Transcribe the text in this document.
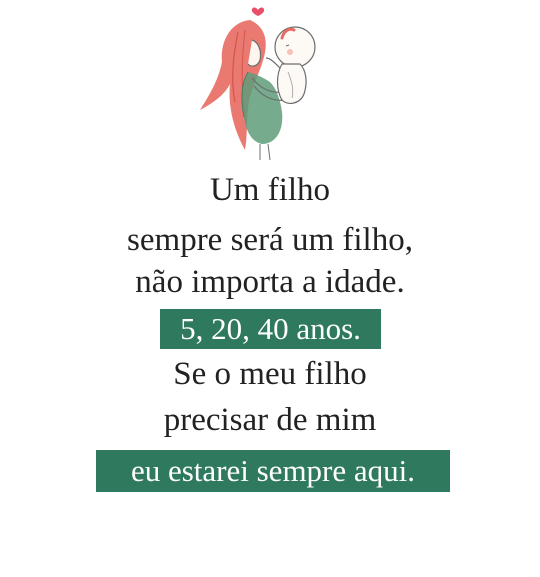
Um filho
sempre será um filho,
não importa a idade.
5, 20, 40 anos.
Se o meu filho
precisar de mim
eu estarei sempre aqui.
